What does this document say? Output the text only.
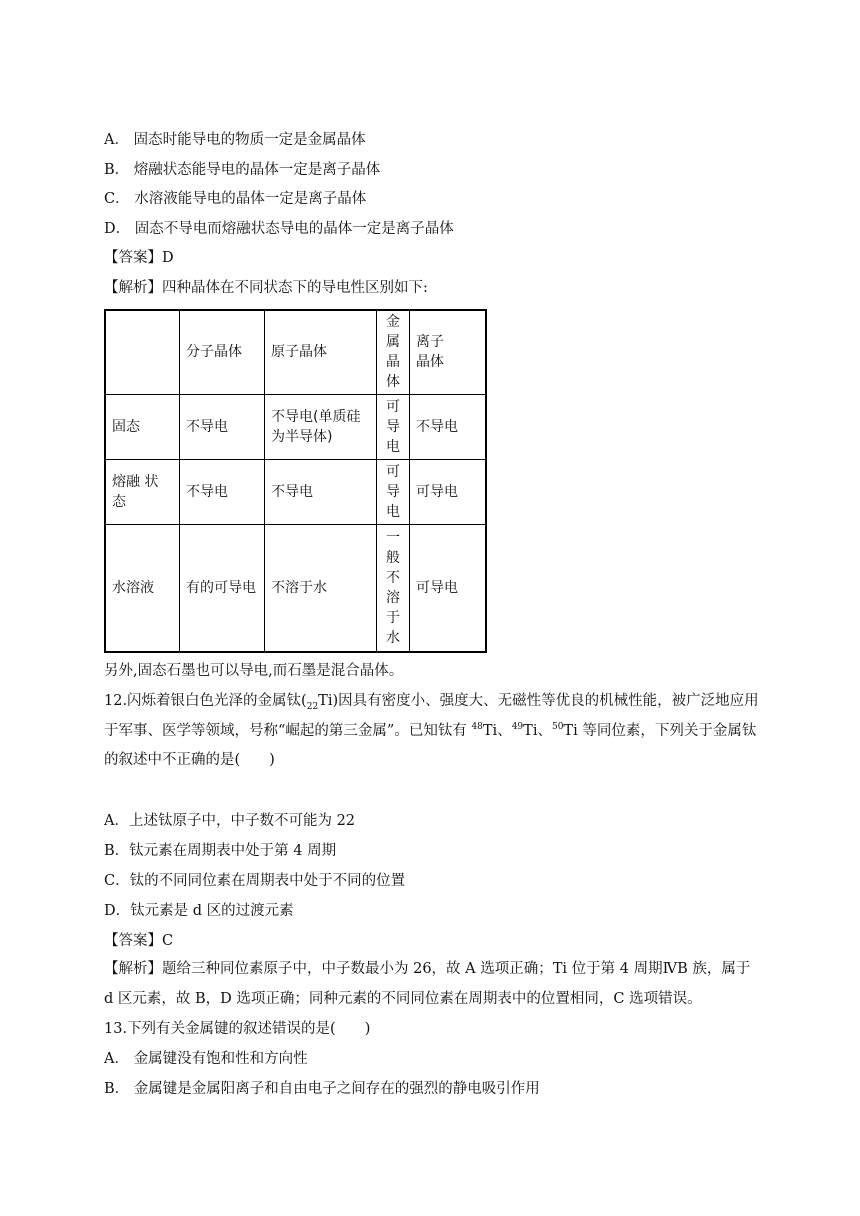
A． 固态时能导电的物质一定是金属晶体
B． 熔融状态能导电的晶体一定是离子晶体
C． 水溶液能导电的晶体一定是离子晶体
D． 固态不导电而熔融状态导电的晶体一定是离子晶体
【答案】D
【解析】四种晶体在不同状态下的导电性区别如下:
	分子晶体	原子晶体	金属晶体	离子晶体

固态	不导电	不导电(单质硅为半导体)	可导电	不导电

熔融 状态	不导电	不导电	可导电	可导电
水溶液	有的可导电	不溶于水	一般不溶于水	可导电
另外,固态石墨也可以导电,而石墨是混合晶体。
12.闪烁着银白色光泽的金属钛$(_{22}Ti)$因具有密度小、强度大、无磁性等优良的机械性能，被广泛地应用于军事、医学等领域，号称“崛起的第三金属”。已知钛有 $^{48}$Ti、$^{49}$Ti、$^{50}$Ti 等同位素，下列关于金属钛的叙述中不正确的是(　　)
A．上述钛原子中，中子数不可能为 22
B．钛元素在周期表中处于第 4 周期
C．钛的不同同位素在周期表中处于不同的位置
D．钛元素是 d 区的过渡元素
【答案】C
【解析】题给三种同位素原子中，中子数最小为 26，故 A 选项正确；Ti 位于第 4 周期ⅣB 族，属于 d 区元素，故 B，D 选项正确；同种元素的不同同位素在周期表中的位置相同，C 选项错误。
13.下列有关金属键的叙述错误的是(　　)
A． 金属键没有饱和性和方向性
B． 金属键是金属阳离子和自由电子之间存在的强烈的静电吸引作用
